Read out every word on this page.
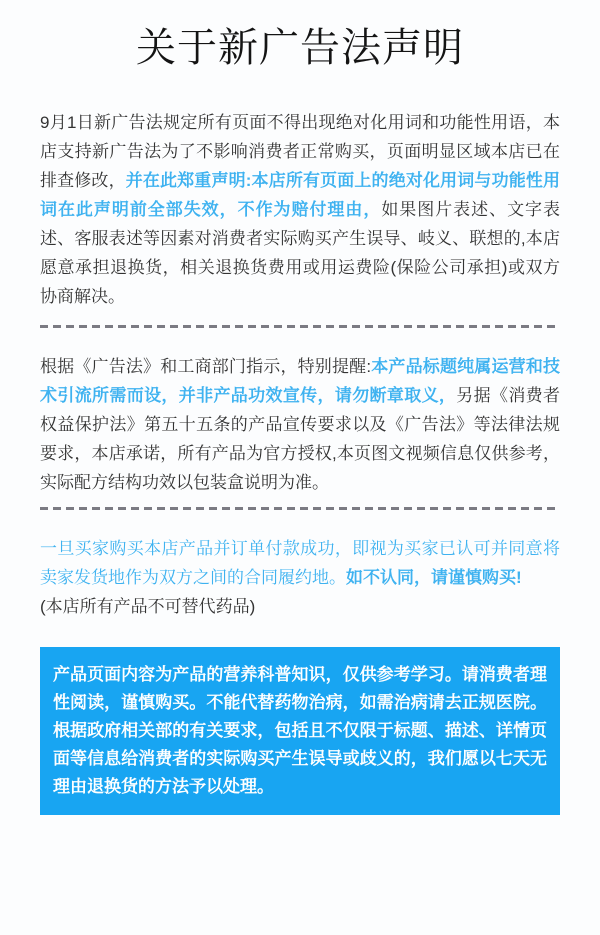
关于新广告法声明

9月1日新广告法规定所有页面不得出现绝对化用词和功能性用语，本店支持新广告法为了不影响消费者正常购买，页面明显区域本店已在排查修改，并在此郑重声明:本店所有页面上的绝对化用词与功能性用词在此声明前全部失效，不作为赔付理由，如果图片表述、文字表述、客服表述等因素对消费者实际购买产生误导、岐义、联想的,本店愿意承担退换货，相关退换货费用或用运费险(保险公司承担)或双方协商解决。

根据《广告法》和工商部门指示，特别提醒:本产品标题纯属运营和技术引流所需而设，并非产品功效宣传，请勿断章取义，另据《消费者权益保护法》第五十五条的产品宣传要求以及《广告法》等法律法规要求，本店承诺，所有产品为官方授权,本页图文视频信息仅供参考，实际配方结构功效以包装盒说明为准。

一旦买家购买本店产品并订单付款成功，即视为买家已认可并同意将卖家发货地作为双方之间的合同履约地。如不认同，请谨慎购买!
(本店所有产品不可替代药品)

产品页面内容为产品的营养科普知识，仅供参考学习。请消费者理性阅读，谨慎购买。不能代替药物治病，如需治病请去正规医院。根据政府相关部的有关要求，包括且不仅限于标题、描述、详情页面等信息给消费者的实际购买产生误导或歧义的，我们愿以七天无理由退换货的方法予以处理。
